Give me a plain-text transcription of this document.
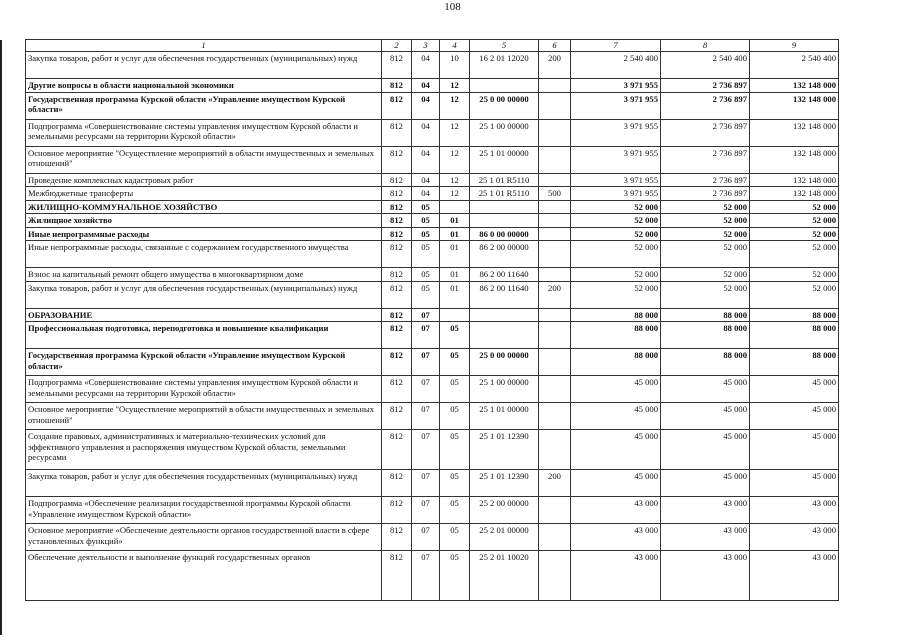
108
1	2	3	4	5	6	7	8	9
Закупка товаров, работ и услуг для обеспечения государственных (муниципальных) нужд	812	04	10	16 2 01 12020	200	2 540 400	2 540 400	2 540 400
Другие вопросы в области национальной экономики	812	04	12			3 971 955	2 736 897	132 148 000
Государственная программа Курской области «Управление имуществом Курской области»	812	04	12	25 0 00 00000		3 971 955	2 736 897	132 148 000
Подпрограмма «Совершенствование системы управления имуществом Курской области и земельными ресурсами на территории Курской области»	812	04	12	25 1 00 00000		3 971 955	2 736 897	132 148 000
Основное мероприятие "Осуществление мероприятий в области имущественных и земельных отношений"	812	04	12	25 1 01 00000		3 971 955	2 736 897	132 148 000
Проведение комплексных кадастровых работ	812	04	12	25 1 01 R5110		3 971 955	2 736 897	132 148 000
Межбюджетные трансферты	812	04	12	25 1 01 R5110	500	3 971 955	2 736 897	132 148 000
ЖИЛИЩНО-КОММУНАЛЬНОЕ ХОЗЯЙСТВО	812	05				52 000	52 000	52 000
Жилищное хозяйство	812	05	01			52 000	52 000	52 000
Иные непрограммные расходы	812	05	01	86 0 00 00000		52 000	52 000	52 000
Иные непрограммные расходы, связанные с содержанием государственного имущества	812	05	01	86 2 00 00000		52 000	52 000	52 000
Взнос на капитальный ремонт общего имущества в многоквартирном доме	812	05	01	86 2 00 11640		52 000	52 000	52 000
Закупка товаров, работ и услуг для обеспечения государственных (муниципальных) нужд	812	05	01	86 2 00 11640	200	52 000	52 000	52 000
ОБРАЗОВАНИЕ	812	07				88 000	88 000	88 000
Профессиональная подготовка, переподготовка и повышение квалификации	812	07	05			88 000	88 000	88 000
Государственная программа Курской области «Управление имуществом Курской области»	812	07	05	25 0 00 00000		88 000	88 000	88 000
Подпрограмма «Совершенствование системы управления имуществом Курской области и земельными ресурсами на территории Курской области»	812	07	05	25 1 00 00000		45 000	45 000	45 000
Основное мероприятие "Осуществление мероприятий в области имущественных и земельных отношений"	812	07	05	25 1 01 00000		45 000	45 000	45 000
Создание правовых, административных и материально-технических условий для эффективного управления и распоряжения имуществом Курской области, земельными ресурсами	812	07	05	25 1 01 12390		45 000	45 000	45 000
Закупка товаров, работ и услуг для обеспечения государственных (муниципальных) нужд	812	07	05	25 1 01 12390	200	45 000	45 000	45 000
Подпрограмма «Обеспечение реализации государственной программы Курской области «Управление имуществом Курской области»	812	07	05	25 2 00 00000		43 000	43 000	43 000
Основное мероприятие «Обеспечение деятельности органов государственной власти в сфере установленных функций»	812	07	05	25 2 01 00000		43 000	43 000	43 000
Обеспечение деятельности и выполнение функций государственных органов	812	07	05	25 2 01 10020		43 000	43 000	43 000
